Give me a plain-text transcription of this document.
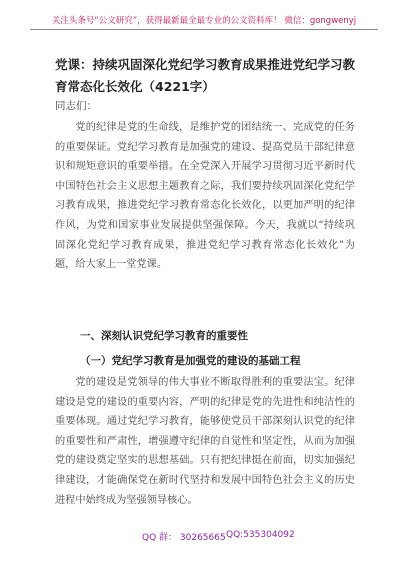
关注头条号“公文研究”，获得最新最全最专业的公文资料库！ 微信：gongwenyj
党课：持续巩固深化党纪学习教育成果推进党纪学习教育常态化长效化（4221字）
同志们：

党的纪律是党的生命线，是维护党的团结统一、完成党的任务的重要保证。党纪学习教育是加强党的建设、提高党员干部纪律意识和规矩意识的重要举措。在全党深入开展学习贯彻习近平新时代中国特色社会主义思想主题教育之际，我们要持续巩固深化党纪学习教育成果，推进党纪学习教育常态化长效化，以更加严明的纪律作风，为党和国家事业发展提供坚强保障。今天，我就以“持续巩固深化党纪学习教育成果，推进党纪学习教育常态化长效化”为题，给大家上一堂党课。

一、深刻认识党纪学习教育的重要性
（一）党纪学习教育是加强党的建设的基础工程

党的建设是党领导的伟大事业不断取得胜利的重要法宝。纪律建设是党的建设的重要内容，严明的纪律是党的先进性和纯洁性的重要体现。通过党纪学习教育，能够使党员干部深刻认识党的纪律的重要性和严肃性，增强遵守纪律的自觉性和坚定性，从而为加强党的建设奠定坚实的思想基础。只有把纪律挺在前面，切实加强纪律建设，才能确保党在新时代坚持和发展中国特色社会主义的历史进程中始终成为坚强领导核心。

QQ 群： 30265665 QQ:535304092
